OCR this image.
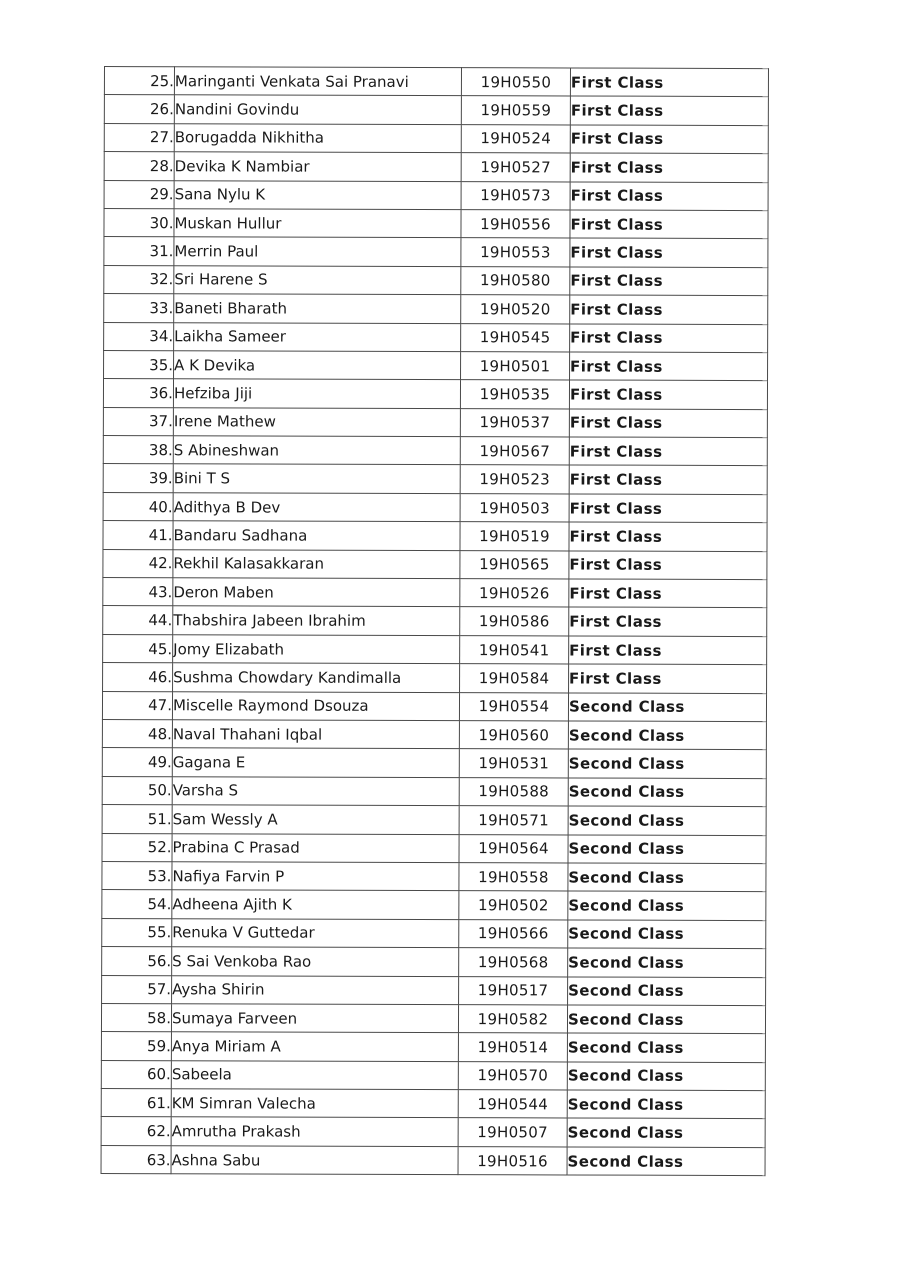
25.	Maringanti Venkata Sai Pranavi	19H0550	First Class
26.	Nandini Govindu	19H0559	First Class
27.	Borugadda Nikhitha	19H0524	First Class
28.	Devika K Nambiar	19H0527	First Class
29.	Sana Nylu K	19H0573	First Class
30.	Muskan Hullur	19H0556	First Class
31.	Merrin Paul	19H0553	First Class
32.	Sri Harene S	19H0580	First Class
33.	Baneti Bharath	19H0520	First Class
34.	Laikha Sameer	19H0545	First Class
35.	A K Devika	19H0501	First Class
36.	Hefziba Jiji	19H0535	First Class
37.	Irene Mathew	19H0537	First Class
38.	S Abineshwan	19H0567	First Class
39.	Bini T S	19H0523	First Class
40.	Adithya B Dev	19H0503	First Class
41.	Bandaru Sadhana	19H0519	First Class
42.	Rekhil Kalasakkaran	19H0565	First Class
43.	Deron Maben	19H0526	First Class
44.	Thabshira Jabeen Ibrahim	19H0586	First Class
45.	Jomy Elizabath	19H0541	First Class
46.	Sushma Chowdary Kandimalla	19H0584	First Class
47.	Miscelle Raymond Dsouza	19H0554	Second Class
48.	Naval Thahani Iqbal	19H0560	Second Class
49.	Gagana E	19H0531	Second Class
50.	Varsha S	19H0588	Second Class
51.	Sam Wessly A	19H0571	Second Class
52.	Prabina C Prasad	19H0564	Second Class
53.	Nafiya Farvin P	19H0558	Second Class
54.	Adheena Ajith K	19H0502	Second Class
55.	Renuka V Guttedar	19H0566	Second Class
56.	S Sai Venkoba Rao	19H0568	Second Class
57.	Aysha Shirin	19H0517	Second Class
58.	Sumaya Farveen	19H0582	Second Class
59.	Anya Miriam A	19H0514	Second Class
60.	Sabeela	19H0570	Second Class
61.	KM Simran Valecha	19H0544	Second Class
62.	Amrutha Prakash	19H0507	Second Class
63.	Ashna Sabu	19H0516	Second Class
